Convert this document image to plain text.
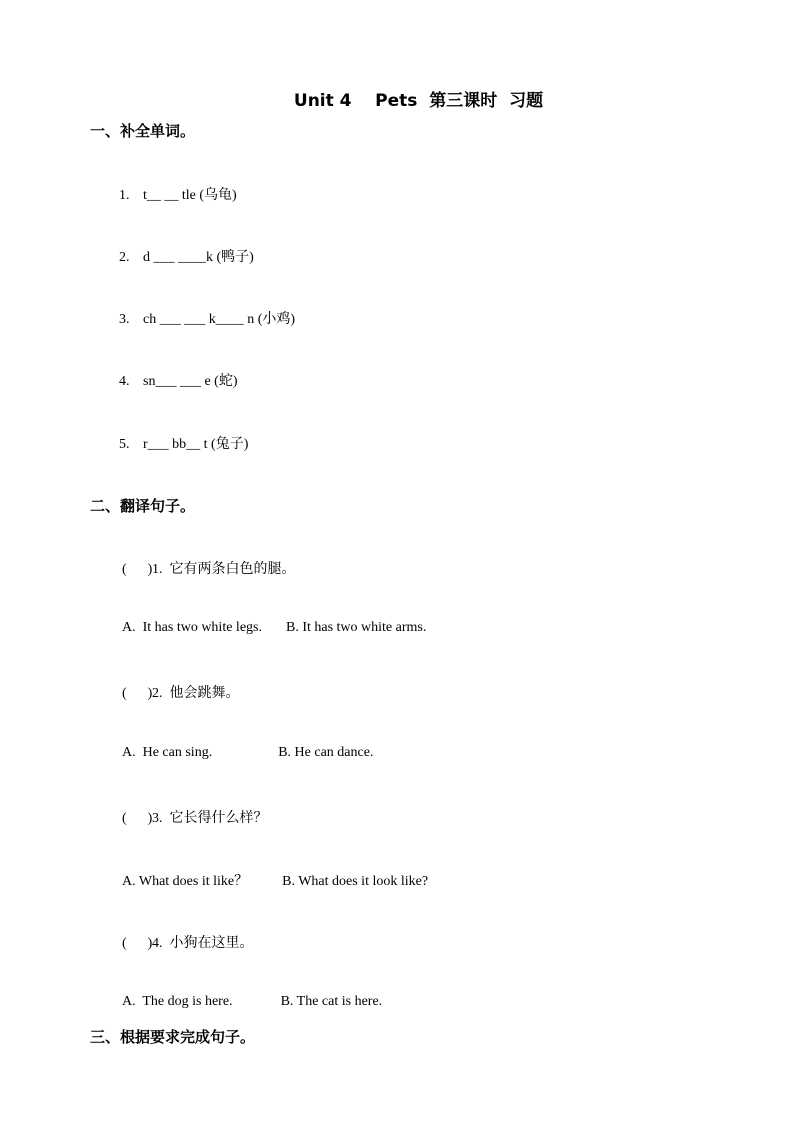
Unit 4    Pets  第三课时  习题
一、补全单词。
1. t__ __ tle (乌龟)
2. d ___ ____k (鸭子)
3. ch ___ ___ k____ n (小鸡)
4. sn___ ___ e (蛇)
5. r___ bb__ t (兔子)
二、翻译句子。
(      )1. 它有两条白色的腿。
A.  It has two white legs. B. It has two white arms.
(      )2. 他会跳舞。
A.  He can sing.	B. He can dance.
(      )3. 它长得什么样？
A. What does it like？ B. What does it look like?
(      )4. 小狗在这里。
A.  The dog is here.	B. The cat is here.
三、根据要求完成句子。
